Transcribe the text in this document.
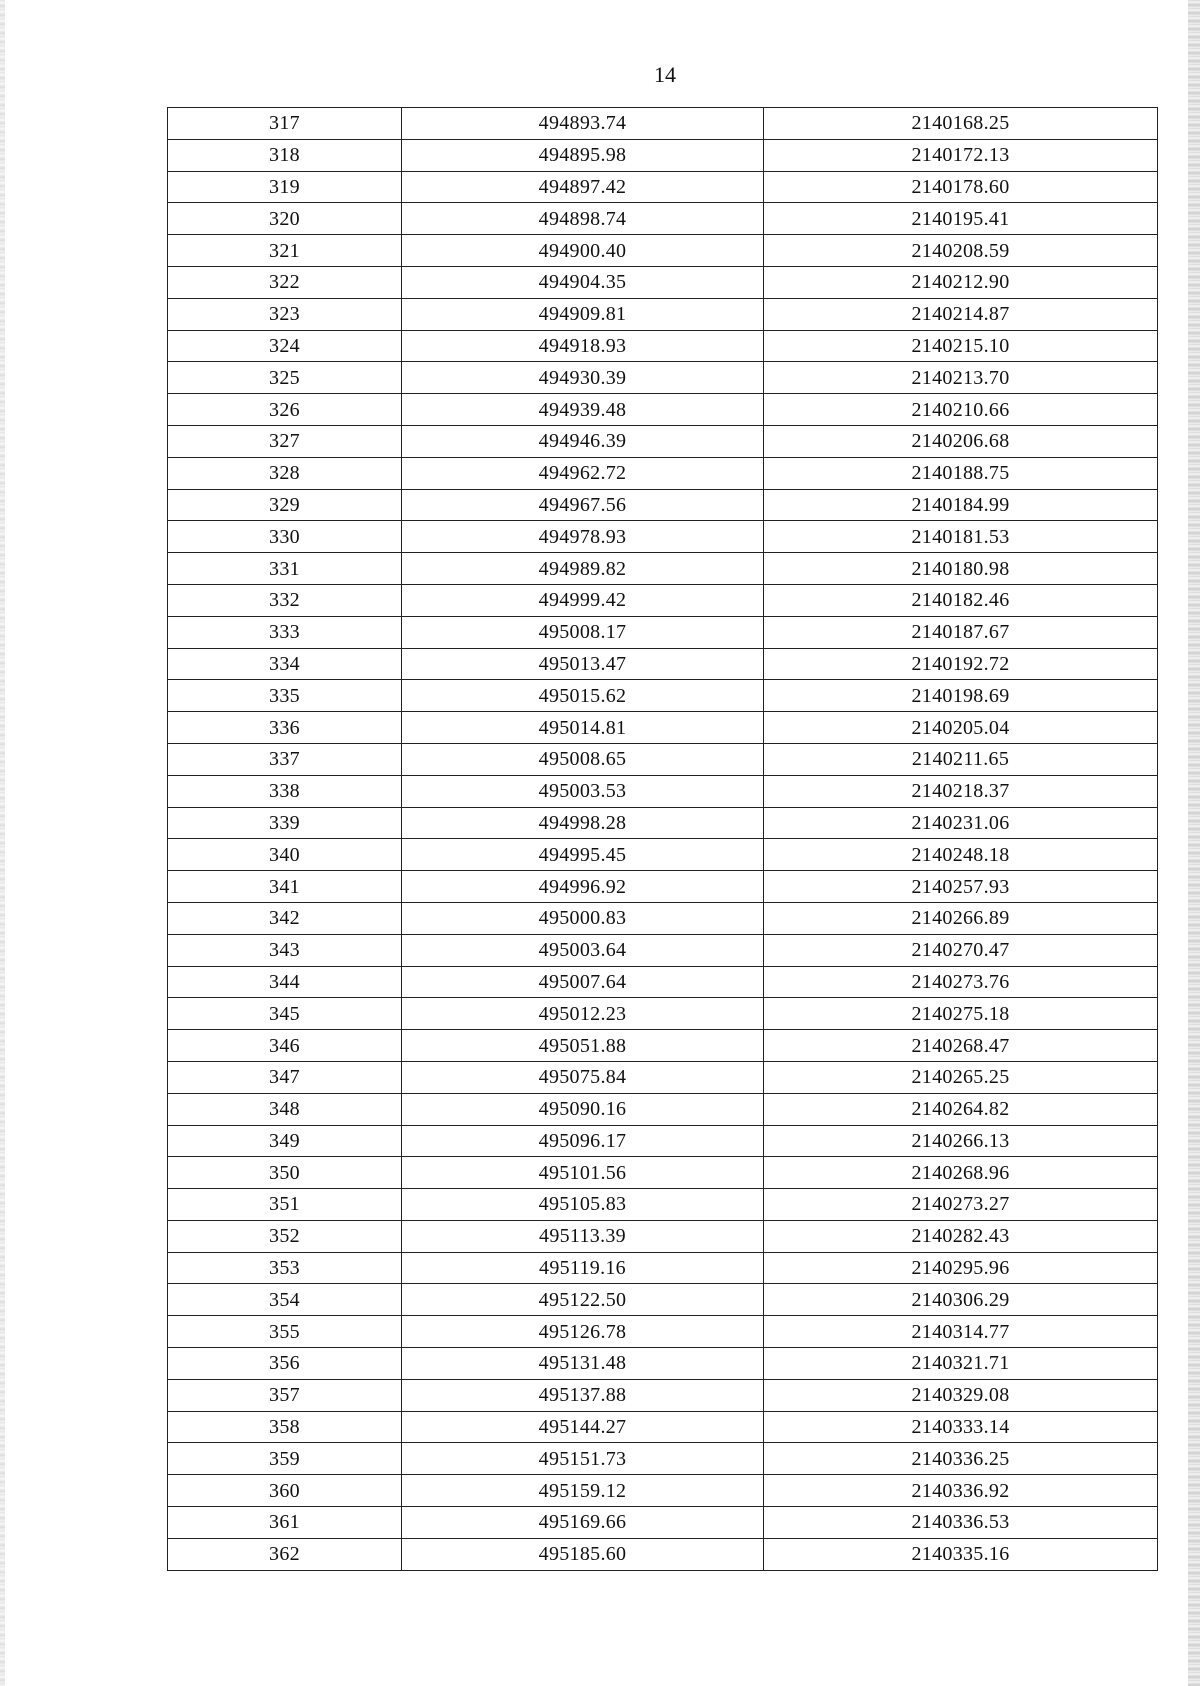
14
317	494893.74	2140168.25
318	494895.98	2140172.13
319	494897.42	2140178.60
320	494898.74	2140195.41
321	494900.40	2140208.59
322	494904.35	2140212.90
323	494909.81	2140214.87
324	494918.93	2140215.10
325	494930.39	2140213.70
326	494939.48	2140210.66
327	494946.39	2140206.68
328	494962.72	2140188.75
329	494967.56	2140184.99
330	494978.93	2140181.53
331	494989.82	2140180.98
332	494999.42	2140182.46
333	495008.17	2140187.67
334	495013.47	2140192.72
335	495015.62	2140198.69
336	495014.81	2140205.04
337	495008.65	2140211.65
338	495003.53	2140218.37
339	494998.28	2140231.06
340	494995.45	2140248.18
341	494996.92	2140257.93
342	495000.83	2140266.89
343	495003.64	2140270.47
344	495007.64	2140273.76
345	495012.23	2140275.18
346	495051.88	2140268.47
347	495075.84	2140265.25
348	495090.16	2140264.82
349	495096.17	2140266.13
350	495101.56	2140268.96
351	495105.83	2140273.27
352	495113.39	2140282.43
353	495119.16	2140295.96
354	495122.50	2140306.29
355	495126.78	2140314.77
356	495131.48	2140321.71
357	495137.88	2140329.08
358	495144.27	2140333.14
359	495151.73	2140336.25
360	495159.12	2140336.92
361	495169.66	2140336.53
362	495185.60	2140335.16
